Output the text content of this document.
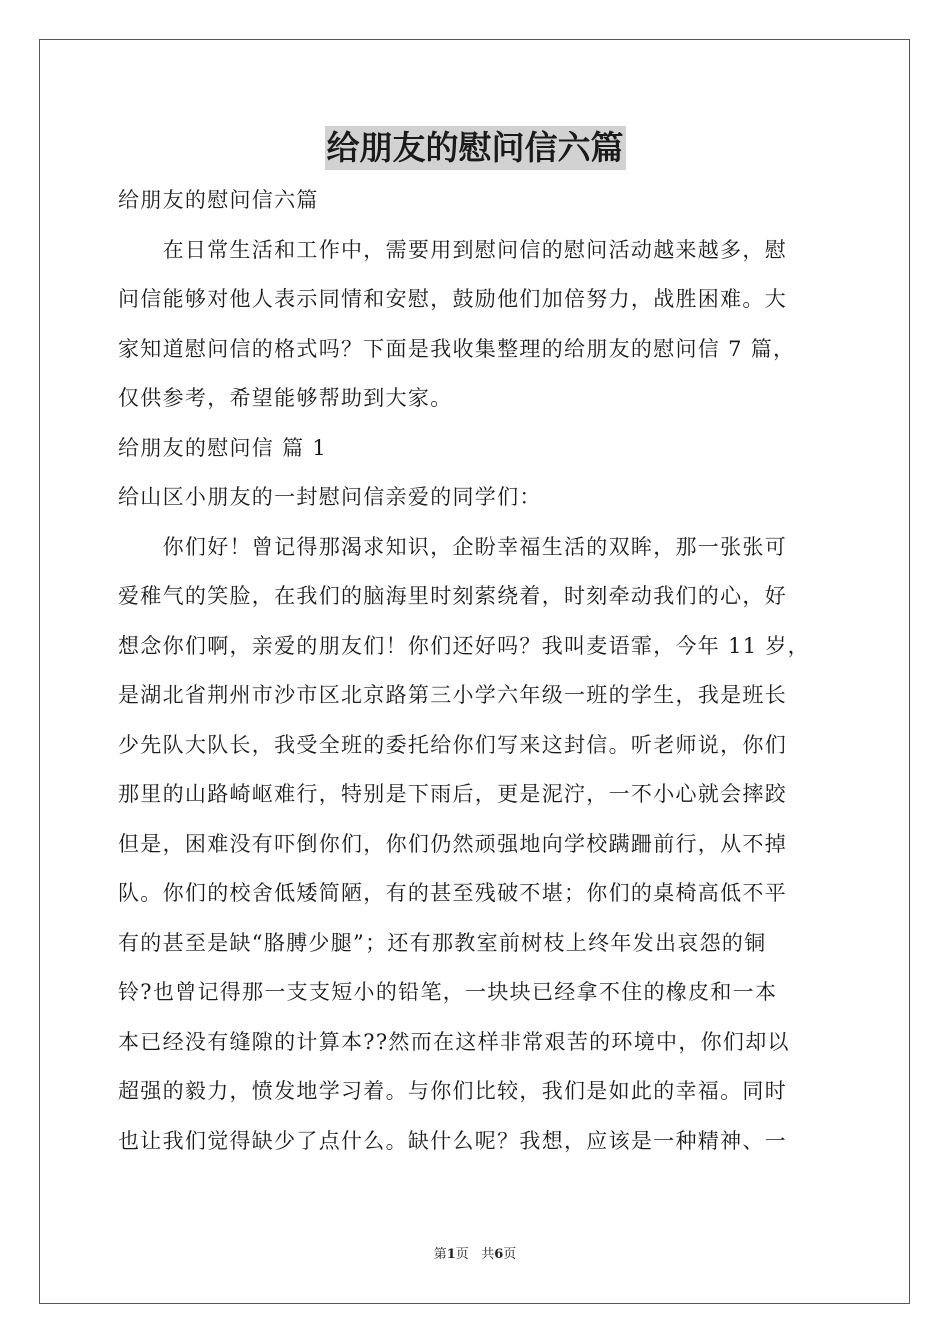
给朋友的慰问信六篇
给朋友的慰问信六篇
　　在日常生活和工作中，需要用到慰问信的慰问活动越来越多，慰
问信能够对他人表示同情和安慰，鼓励他们加倍努力，战胜困难。大
家知道慰问信的格式吗？下面是我收集整理的给朋友的慰问信 7 篇，
仅供参考，希望能够帮助到大家。
给朋友的慰问信 篇 1
给山区小朋友的一封慰问信亲爱的同学们：
　　你们好！曾记得那渴求知识，企盼幸福生活的双眸，那一张张可
爱稚气的笑脸，在我们的脑海里时刻萦绕着，时刻牵动我们的心，好
想念你们啊，亲爱的朋友们！你们还好吗？我叫麦语霏，今年 11 岁，
是湖北省荆州市沙市区北京路第三小学六年级一班的学生，我是班长
少先队大队长，我受全班的委托给你们写来这封信。听老师说，你们
那里的山路崎岖难行，特别是下雨后，更是泥泞，一不小心就会摔跤
但是，困难没有吓倒你们，你们仍然顽强地向学校蹒跚前行，从不掉
队。你们的校舍低矮简陋，有的甚至残破不堪；你们的桌椅高低不平
有的甚至是缺“胳膊少腿”；还有那教室前树枝上终年发出哀怨的铜
铃?也曾记得那一支支短小的铅笔，一块块已经拿不住的橡皮和一本
本已经没有缝隙的计算本??然而在这样非常艰苦的环境中，你们却以
超强的毅力，愤发地学习着。与你们比较，我们是如此的幸福。同时
也让我们觉得缺少了点什么。缺什么呢？我想，应该是一种精神、一
第1页 共6页
